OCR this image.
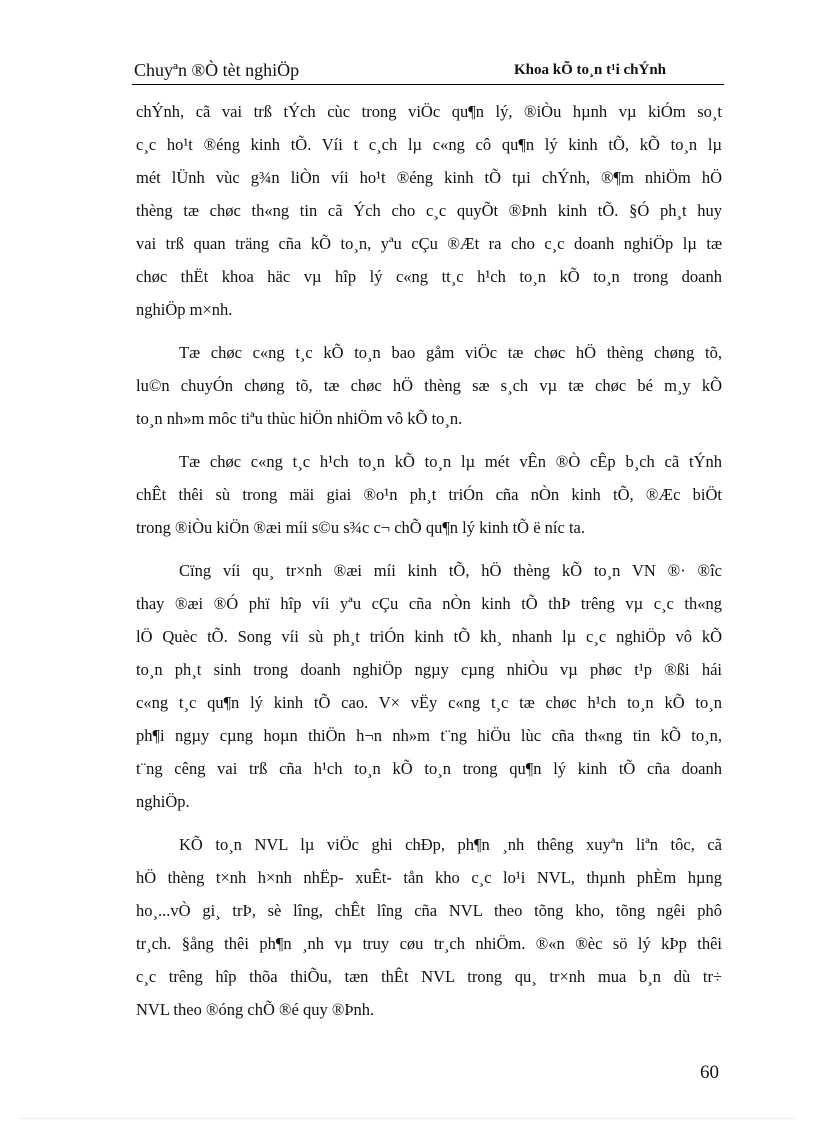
Chuyªn ®Ò tèt nghiÖp	Khoa kÕ to¸n t¹i chÝnh
chÝnh, cã vai trß tÝch cùc trong viÖc qu¶n lý, ®iÒu hµnh vµ kiÓm so¸t
c¸c ho¹t ®éng kinh tÕ. Víi t c¸ch lµ c«ng cô qu¶n lý kinh tÕ, kÕ to¸n lµ
mét lÜnh vùc g¾n liÒn víi ho¹t ®éng kinh tÕ tµi chÝnh, ®¶m nhiÖm hÖ
thèng tæ chøc th«ng tin cã Ých cho c¸c quyÕt ®Þnh kinh tÕ. §Ó ph¸t huy
vai trß quan träng cña kÕ to¸n, yªu cÇu ®Æt ra cho c¸c doanh nghiÖp lµ tæ
chøc thËt khoa häc vµ hîp lý c«ng tt¸c h¹ch to¸n kÕ to¸n trong doanh
nghiÖp m×nh.
Tæ chøc c«ng t¸c kÕ to¸n bao gåm viÖc tæ chøc hÖ thèng chøng tõ,
lu©n chuyÓn chøng tõ, tæ chøc hÖ thèng sæ s¸ch vµ tæ chøc bé m¸y kÕ
to¸n nh»m môc tiªu thùc hiÖn nhiÖm vô kÕ to¸n.
Tæ chøc c«ng t¸c h¹ch to¸n kÕ to¸n lµ mét vÊn ®Ò cÊp b¸ch cã tÝnh
chÊt thêi sù trong mäi giai ®o¹n ph¸t triÓn cña nÒn kinh tÕ, ®Æc biÖt
trong ®iÒu kiÖn ®æi míi s©u s¾c c¬ chÕ qu¶n lý kinh tÕ ë níc ta.
Cïng víi qu¸ tr×nh ®æi míi kinh tÕ, hÖ thèng kÕ to¸n VN ®· ®îc
thay ®æi ®Ó phï hîp víi yªu cÇu cña nÒn kinh tÕ thÞ trêng vµ c¸c th«ng
lÖ Quèc tÕ. Song víi sù ph¸t triÓn kinh tÕ kh¸ nhanh lµ c¸c nghiÖp vô kÕ
to¸n ph¸t sinh trong doanh nghiÖp ngµy cµng nhiÒu vµ phøc t¹p ®ßi hái
c«ng t¸c qu¶n lý kinh tÕ cao. V× vËy c«ng t¸c tæ chøc h¹ch to¸n kÕ to¸n
ph¶i ngµy cµng hoµn thiÖn h¬n nh»m t¨ng hiÖu lùc cña th«ng tin kÕ to¸n,
t¨ng cêng vai trß cña h¹ch to¸n kÕ to¸n trong qu¶n lý kinh tÕ cña doanh
nghiÖp.
KÕ to¸n NVL lµ viÖc ghi chÐp, ph¶n ¸nh thêng xuyªn liªn tôc, cã
hÖ thèng t×nh h×nh nhËp- xuÊt- tån kho c¸c lo¹i NVL, thµnh phÈm hµng
ho¸...vÒ gi¸ trÞ, sè lîng, chÊt lîng cña NVL theo tõng kho, tõng ngêi phô
tr¸ch. §ång thêi ph¶n ¸nh vµ truy cøu tr¸ch nhiÖm. ®«n ®èc sö lý kÞp thêi
c¸c trêng hîp thõa thiÕu, tæn thÊt NVL trong qu¸ tr×nh mua b¸n dù tr÷
NVL theo ®óng chÕ ®é quy ®Þnh.
60
